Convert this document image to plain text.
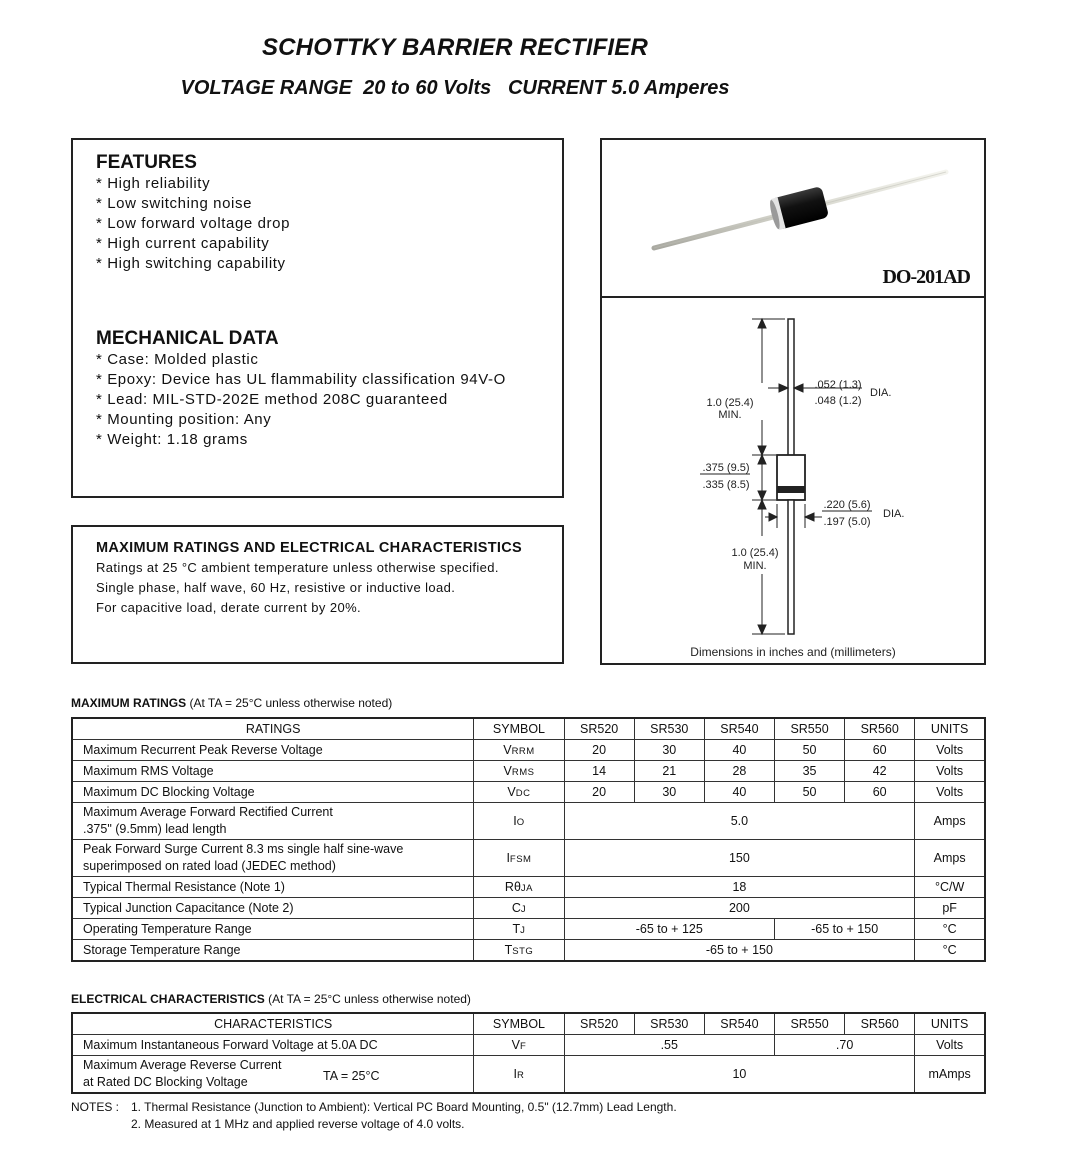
SCHOTTKY BARRIER RECTIFIER
VOLTAGE RANGE  20 to 60 Volts   CURRENT 5.0 Amperes
FEATURES
* High reliability
* Low switching noise
* Low forward voltage drop
* High current capability
* High switching capability
MECHANICAL DATA
* Case: Molded plastic
* Epoxy: Device has UL flammability classification 94V-O
* Lead: MIL-STD-202E method 208C guaranteed
* Mounting position: Any
* Weight: 1.18 grams
MAXIMUM RATINGS AND ELECTRICAL CHARACTERISTICS
Ratings at 25 °C ambient temperature unless otherwise specified.
Single phase, half wave, 60 Hz, resistive or inductive load.
For capacitive load, derate current by 20%.
DO-201AD
1.0 (25.4)
MIN.
.052 (1.3)
.048 (1.2)
DIA.
.375 (9.5)
.335 (8.5)
.220 (5.6)
.197 (5.0)
DIA.
1.0 (25.4)
MIN.
Dimensions in inches and (millimeters)
MAXIMUM RATINGS (At TA = 25°C unless otherwise noted)
RATINGS	SYMBOL	SR520	SR530	SR540	SR550	SR560	UNITS

Maximum Recurrent Peak Reverse Voltage	VRRM	20	30	40	50	60	Volts

Maximum RMS Voltage	VRMS	14	21	28	35	42	Volts

Maximum DC Blocking Voltage	VDC	20	30	40	50	60	Volts

Maximum Average Forward Rectified Current
.375" (9.5mm) lead length	IO	5.0					Amps

Peak Forward Surge Current 8.3 ms single half sine-wave
superimposed on rated load (JEDEC method)	IFSM	150					Amps

Typical Thermal Resistance (Note 1)	RθJA	18					°C/W

Typical Junction Capacitance (Note 2)	CJ	200					pF

Operating Temperature Range	TJ	-65 to + 125			-65 to + 150		°C

Storage Temperature Range	TSTG	-65 to + 150					°C
ELECTRICAL CHARACTERISTICS (At TA = 25°C unless otherwise noted)
CHARACTERISTICS	SYMBOL	SR520	SR530	SR540	SR550	SR560	UNITS

Maximum Instantaneous Forward Voltage at 5.0A DC	VF	.55			.70		Volts

Maximum Average Reverse Current
at Rated DC Blocking Voltage TA = 25°C	IR	10					mAmps

NOTES :

1. Thermal Resistance (Junction to Ambient): Vertical PC Board Mounting, 0.5" (12.7mm) Lead Length.

2. Measured at 1 MHz and applied reverse voltage of 4.0 volts.
